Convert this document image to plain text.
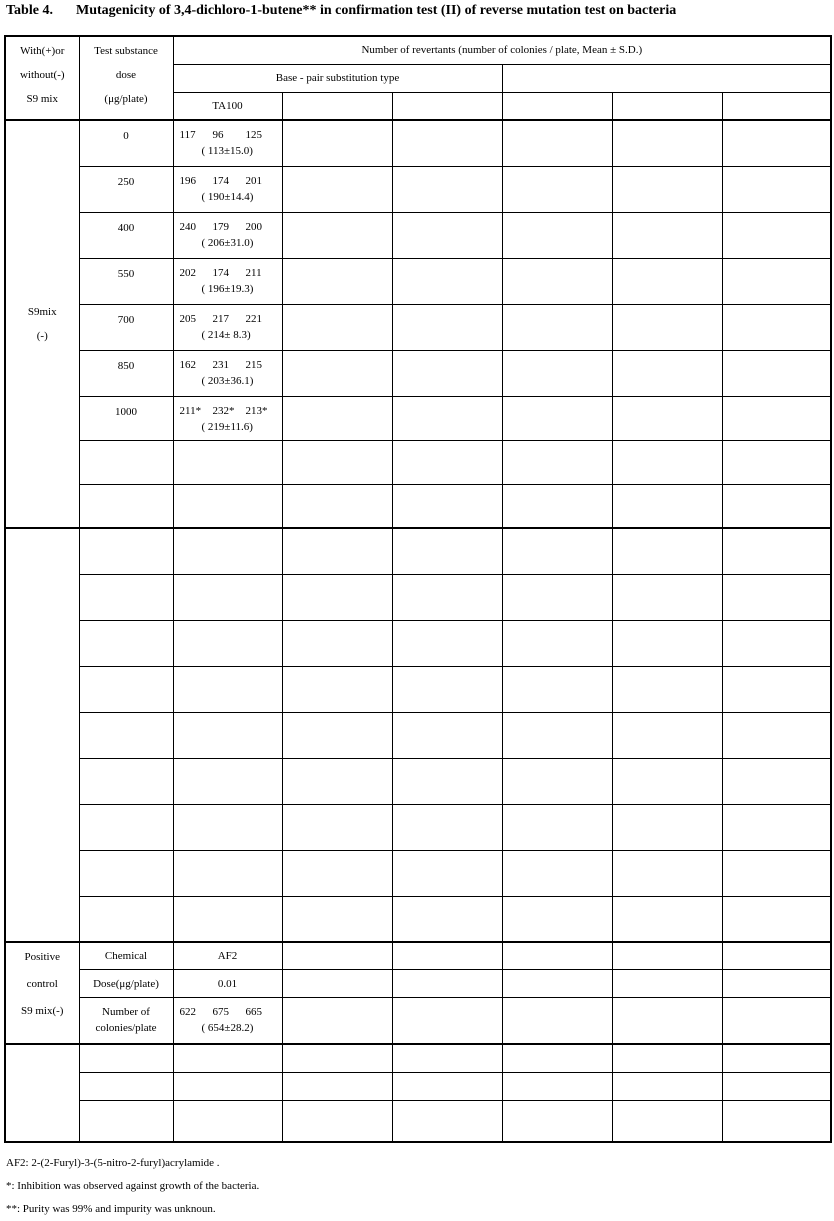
Table 4. Mutagenicity of 3,4-dichloro-1-butene** in confirmation test (II) of reverse mutation test on bacteria
With(+)or
without(-)
S9 mix	Test substance
dose
(μg/plate)	Number of revertants (number of colonies / plate, Mean ± S.D.)					
		Base - pair substitution type					
		TA100					

S9mix
(-)	0	117 96 125
( 113±15.0)					

	250	196 174 201
( 190±14.4)					

	400	240 179 200
( 206±31.0)					

	550	202 174 211
( 196±19.3)					

	700	205 217 221
( 214± 8.3)					

	850	162 231 215
( 203±36.1)					

	1000	211* 232* 213*
( 219±11.6)					

Positive
control
S9 mix(-)	Chemical	AF2					
	Dose(μg/plate)	0.01					

	Number of
colonies/plate	622 675 665
( 654±28.2)					

AF2: 2-(2-Furyl)-3-(5-nitro-2-furyl)acrylamide .
*: Inhibition was observed against growth of the bacteria.
**: Purity was 99% and impurity was unknoun.
